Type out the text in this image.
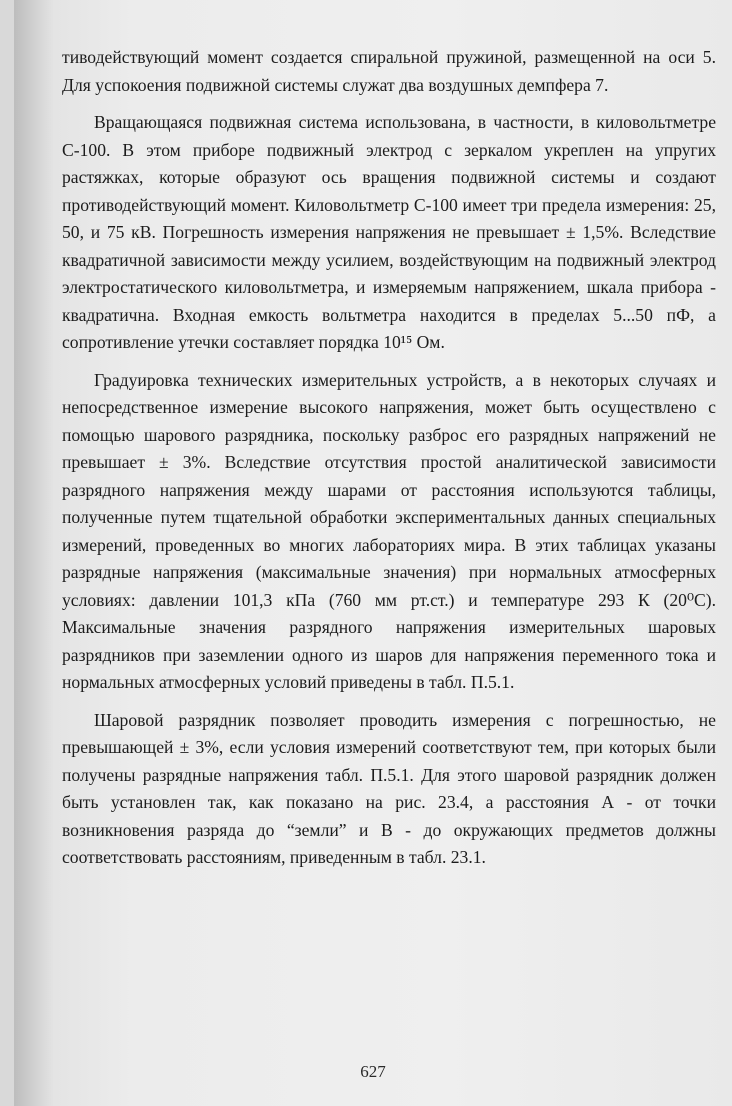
тиводействующий момент создается спиральной пружиной, размещенной на оси 5. Для успокоения подвижной системы служат два воздушных демпфера 7.

Вращающаяся подвижная система использована, в частности, в киловольтметре С-100. В этом приборе подвижный электрод с зеркалом укреплен на упругих растяжках, которые образуют ось вращения подвижной системы и создают противодействующий момент. Киловольтметр С-100 имеет три предела измерения: 25, 50, и 75 кВ. Погрешность измерения напряжения не превышает ± 1,5%. Вследствие квадратичной зависимости между усилием, воздействующим на подвижный электрод электростатического киловольтметра, и измеряемым напряжением, шкала прибора - квадратична. Входная емкость вольтметра находится в пределах 5...50 пФ, а сопротивление утечки составляет порядка 10¹⁵ Ом.

Градуировка технических измерительных устройств, а в некоторых случаях и непосредственное измерение высокого напряжения, может быть осуществлено с помощью шарового разрядника, поскольку разброс его разрядных напряжений не превышает ± 3%. Вследствие отсутствия простой аналитической зависимости разрядного напряжения между шарами от расстояния используются таблицы, полученные путем тщательной обработки экспериментальных данных специальных измерений, проведенных во многих лабораториях мира. В этих таблицах указаны разрядные напряжения (максимальные значения) при нормальных атмосферных условиях: давлении 101,3 кПа (760 мм рт.ст.) и температуре 293 К (20⁰С). Максимальные значения разрядного напряжения измерительных шаровых разрядников при заземлении одного из шаров для напряжения переменного тока и нормальных атмосферных условий приведены в табл. П.5.1.

Шаровой разрядник позволяет проводить измерения с погрешностью, не превышающей ± 3%, если условия измерений соответствуют тем, при которых были получены разрядные напряжения табл. П.5.1. Для этого шаровой разрядник должен быть установлен так, как показано на рис. 23.4, а расстояния А - от точки возникновения разряда до “земли” и В - до окружающих предметов должны соответствовать расстояниям, приведенным в табл. 23.1.

627
